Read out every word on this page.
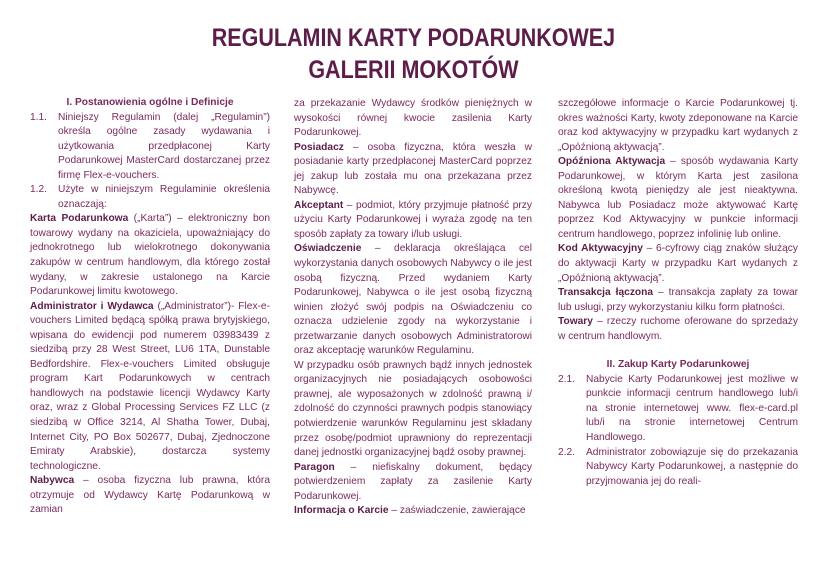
REGULAMIN KARTY PODARUNKOWEJ
GALERII MOKOTÓW

I. Postanowienia ogólne i Definicje

1.1.	Niniejszy Regulamin (dalej „Regulamin”) określa ogólne zasady wydawania i użytkowania przedpłaconej Karty Podarunkowej MasterCard dostarczanej przez firmę Flex-e-vouchers.
1.2.	Użyte w niniejszym Regulaminie określenia oznaczają:

Karta Podarunkowa („Karta”) – elektroniczny bon towarowy wydany na okaziciela, upoważniający do jednokrotnego lub wielokrotnego dokonywania zakupów w centrum handlowym, dla którego został wydany, w zakresie ustalonego na Karcie Podarunkowej limitu kwotowego.

Administrator i Wydawca („Administrator”)- Flex-e-vouchers Limited będącą spółką prawa brytyjskiego, wpisana do ewidencji pod numerem 03983439 z siedzibą przy 28 West Street, LU6 1TA, Dunstable Bedfordshire. Flex-e-vouchers Limited obsługuje program Kart Podarunkowych w centrach handlowych na podstawie licencji Wydawcy Karty oraz, wraz z Global Processing Services FZ LLC (z siedzibą w Office 3214, Al Shatha Tower, Dubaj, Internet City, PO Box 502677, Dubaj, Zjednoczone Emiraty Arabskie), dostarcza systemy technologiczne.

Nabywca – osoba fizyczna lub prawna, która otrzymuje od Wydawcy Kartę Podarunkową w zamian

za przekazanie Wydawcy środków pieniężnych w wysokości równej kwocie zasilenia Karty Podarunkowej.

Posiadacz – osoba fizyczna, która weszła w posiadanie karty przedpłaconej MasterCard poprzez jej zakup lub została mu ona przekazana przez Nabywcę.

Akceptant – podmiot, który przyjmuje płatność przy użyciu Karty Podarunkowej i wyraża zgodę na ten sposób zapłaty za towary i/lub usługi.

Oświadczenie – deklaracja określająca cel wykorzystania danych osobowych Nabywcy o ile jest osobą fizyczną. Przed wydaniem Karty Podarunkowej, Nabywca o ile jest osobą fizyczną winien złożyć swój podpis na Oświadczeniu co oznacza udzielenie zgody na wykorzystanie i przetwarzanie danych osobowych Administratorowi oraz akceptację warunków Regulaminu.

W przypadku osób prawnych bądź innych jednostek organizacyjnych nie posiadających osobowości prawnej, ale wyposażonych w zdolność prawną i/ zdolność do czynności prawnych podpis stanowiący potwierdzenie warunków Regulaminu jest składany przez osobę/podmiot uprawniony do reprezentacji danej jednostki organizacyjnej bądź osoby prawnej.

Paragon – niefiskalny dokument, będący potwierdzeniem zapłaty za zasilenie Karty Podarunkowej.

Informacja o Karcie – zaświadczenie, zawierające

szczegółowe informacje o Karcie Podarunkowej tj. okres ważności Karty, kwoty zdeponowane na Karcie oraz kod aktywacyjny w przypadku kart wydanych z „Opóźnioną aktywacją”.

Opóźniona Aktywacja – sposób wydawania Karty Podarunkowej, w którym Karta jest zasilona określoną kwotą pieniędzy ale jest nieaktywna. Nabywca lub Posiadacz może aktywować Kartę poprzez Kod Aktywacyjny w punkcie informacji centrum handlowego, poprzez infolinię lub online.

Kod Aktywacyjny – 6-cyfrowy ciąg znaków służący do aktywacji Karty w przypadku Kart wydanych z „Opóźnioną aktywacją”.

Transakcja łączona – transakcja zapłaty za towar lub usługi, przy wykorzystaniu kilku form płatności.

Towary – rzeczy ruchome oferowane do sprzedaży w centrum handlowym.

II. Zakup Karty Podarunkowej

2.1.	Nabycie Karty Podarunkowej jest możliwe w punkcie informacji centrum handlowego lub/i na stronie internetowej www. flex-e-card.pl lub/i na stronie internetowej Centrum Handlowego.
2.2.	Administrator zobowiązuje się do przekazania Nabywcy Karty Podarunkowej, a następnie do przyjmowania jej do reali-
